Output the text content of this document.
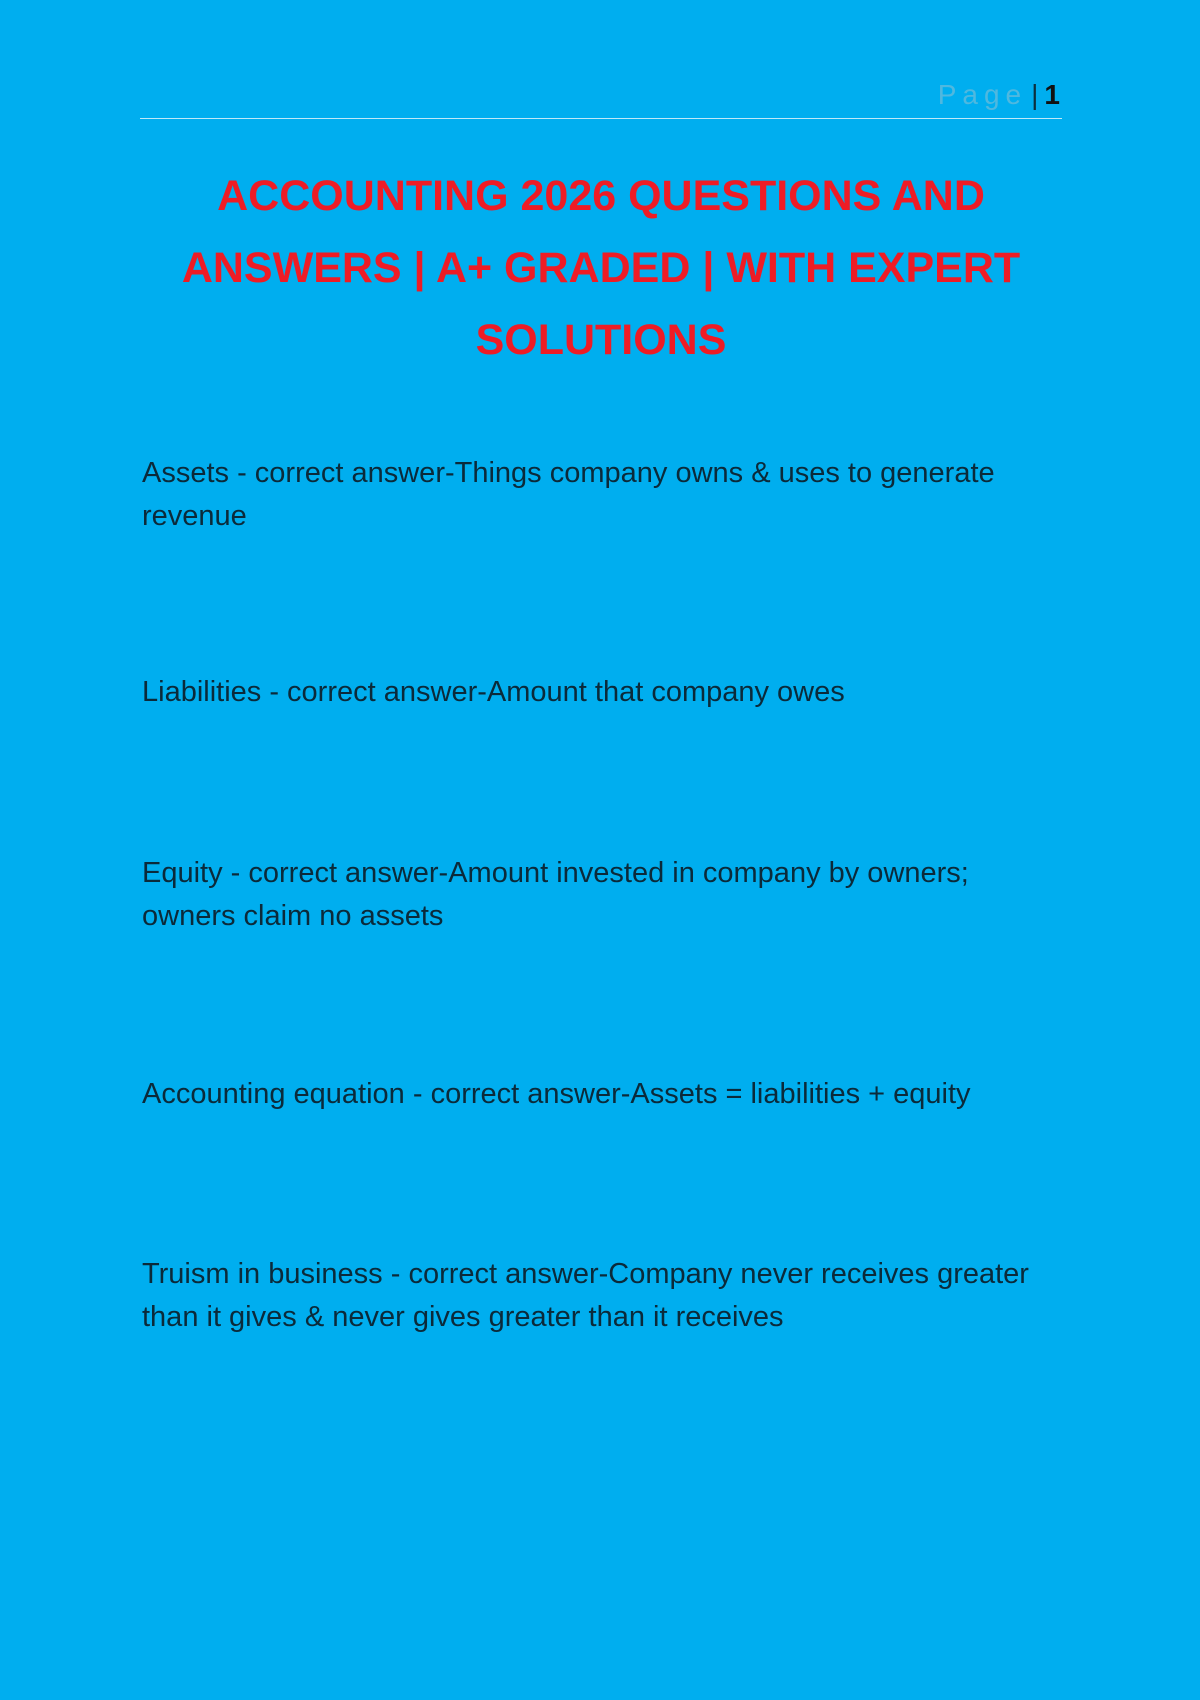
Page | 1
ACCOUNTING 2026 QUESTIONS AND ANSWERS | A+ GRADED | WITH EXPERT SOLUTIONS

Assets - correct answer-Things company owns & uses to generate revenue

Liabilities - correct answer-Amount that company owes

Equity - correct answer-Amount invested in company by owners; owners claim no assets

Accounting equation - correct answer-Assets = liabilities + equity

Truism in business - correct answer-Company never receives greater than it gives & never gives greater than it receives
